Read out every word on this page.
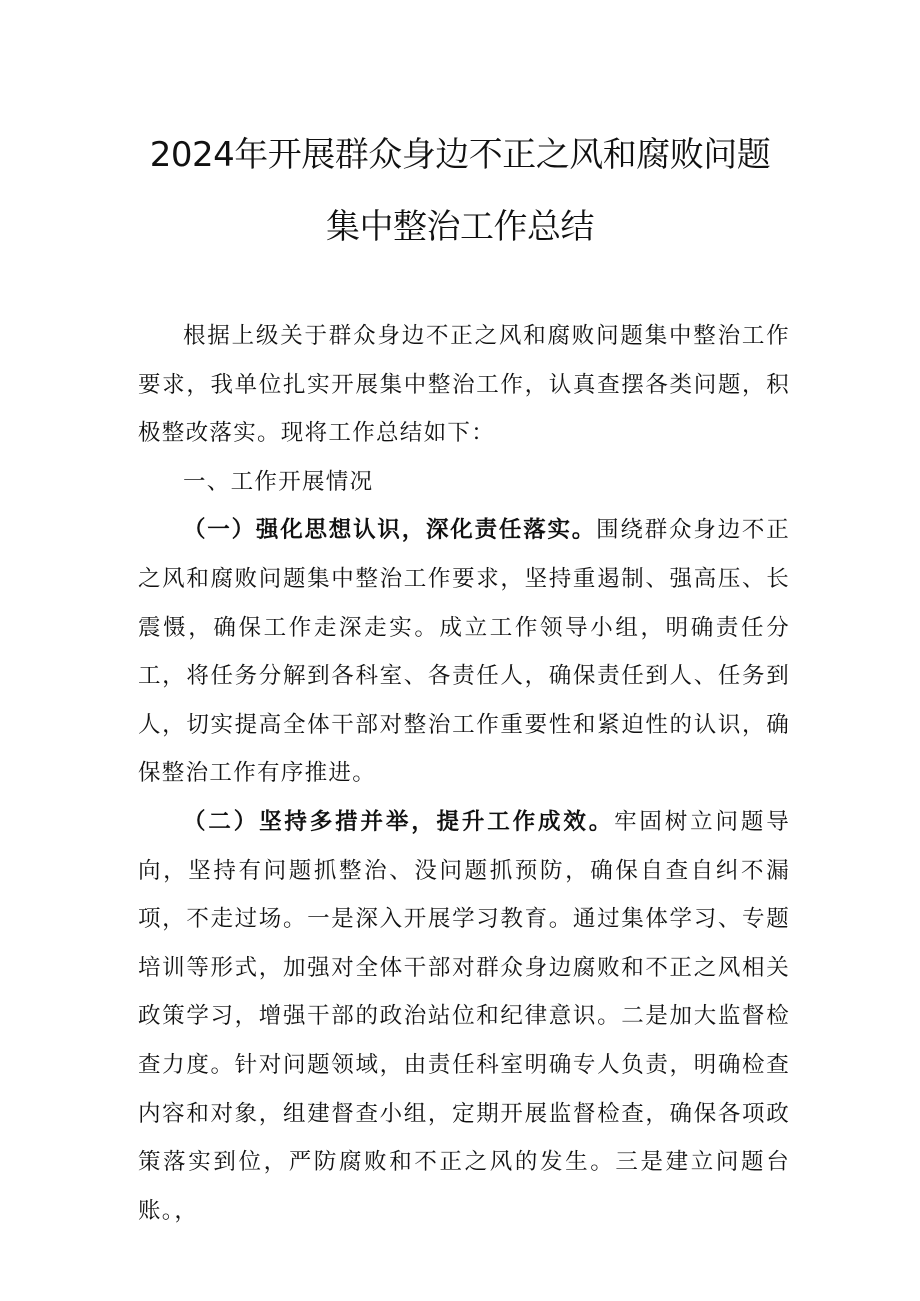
2024年开展群众身边不正之风和腐败问题
集中整治工作总结

根据上级关于群众身边不正之风和腐败问题集中整治工作要求，我单位扎实开展集中整治工作，认真查摆各类问题，积极整改落实。现将工作总结如下：

一、工作开展情况

（一）强化思想认识，深化责任落实。围绕群众身边不正之风和腐败问题集中整治工作要求，坚持重遏制、强高压、长震慑，确保工作走深走实。成立工作领导小组，明确责任分工，将任务分解到各科室、各责任人，确保责任到人、任务到人，切实提高全体干部对整治工作重要性和紧迫性的认识，确保整治工作有序推进。

（二）坚持多措并举，提升工作成效。牢固树立问题导向，坚持有问题抓整治、没问题抓预防，确保自查自纠不漏项，不走过场。一是深入开展学习教育。通过集体学习、专题培训等形式，加强对全体干部对群众身边腐败和不正之风相关政策学习，增强干部的政治站位和纪律意识。二是加大监督检查力度。针对问题领域，由责任科室明确专人负责，明确检查内容和对象，组建督查小组，定期开展监督检查，确保各项政策落实到位，严防腐败和不正之风的发生。三是建立问题台账。，
